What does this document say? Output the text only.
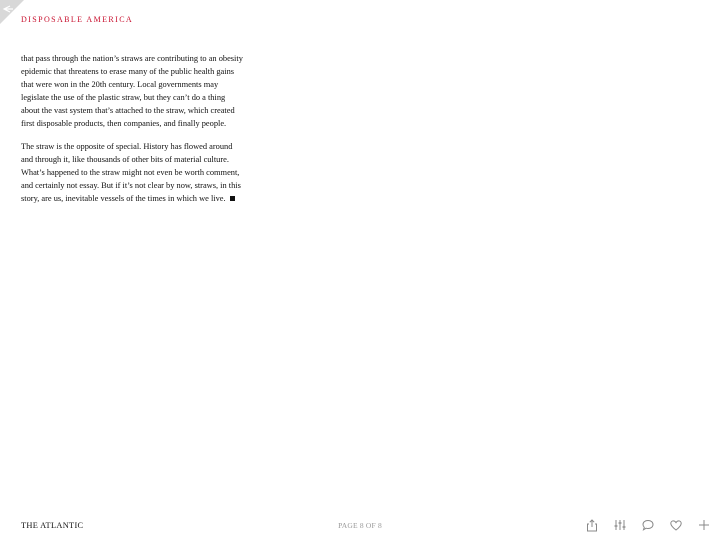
DISPOSABLE AMERICA

that pass through the nation’s straws are contributing to an obesity epidemic that threatens to erase many of the public health gains that were won in the 20th century. Local governments may legislate the use of the plastic straw, but they can’t do a thing about the vast system that’s attached to the straw, which created first disposable products, then companies, and finally people.

The straw is the opposite of special. History has flowed around and through it, like thousands of other bits of material culture. What’s happened to the straw might not even be worth comment, and certainly not essay. But if it’s not clear by now, straws, in this story, are us, inevitable vessels of the times in which we live.

THE ATLANTIC	PAGE 8 OF 8
